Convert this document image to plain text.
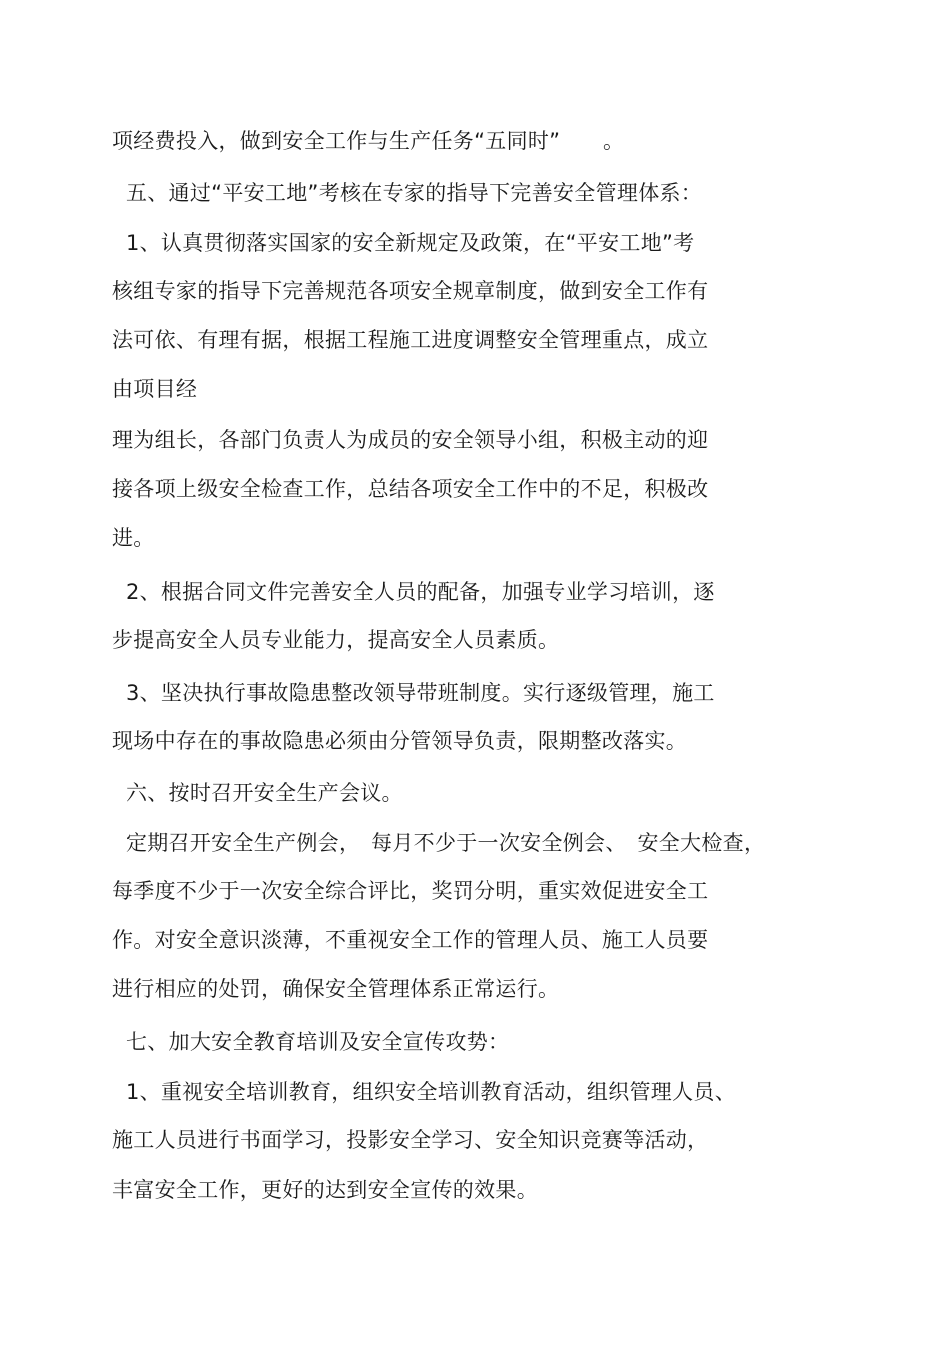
项经费投入，做到安全工作与生产任务“五同时”　　。
五、通过“平安工地”考核在专家的指导下完善安全管理体系：
1、认真贯彻落实国家的安全新规定及政策，在“平安工地”考
核组专家的指导下完善规范各项安全规章制度，做到安全工作有
法可依、有理有据，根据工程施工进度调整安全管理重点，成立
由项目经
理为组长，各部门负责人为成员的安全领导小组，积极主动的迎
接各项上级安全检查工作，总结各项安全工作中的不足，积极改
进。
2、根据合同文件完善安全人员的配备，加强专业学习培训，逐
步提高安全人员专业能力，提高安全人员素质。
3、坚决执行事故隐患整改领导带班制度。实行逐级管理，施工
现场中存在的事故隐患必须由分管领导负责，限期整改落实。
六、按时召开安全生产会议。
定期召开安全生产例会，　每月不少于一次安全例会、　安全大检查，
每季度不少于一次安全综合评比，奖罚分明，重实效促进安全工
作。对安全意识淡薄，不重视安全工作的管理人员、施工人员要
进行相应的处罚，确保安全管理体系正常运行。
七、加大安全教育培训及安全宣传攻势：
1、重视安全培训教育，组织安全培训教育活动，组织管理人员、
施工人员进行书面学习，投影安全学习、安全知识竞赛等活动，
丰富安全工作，更好的达到安全宣传的效果。
